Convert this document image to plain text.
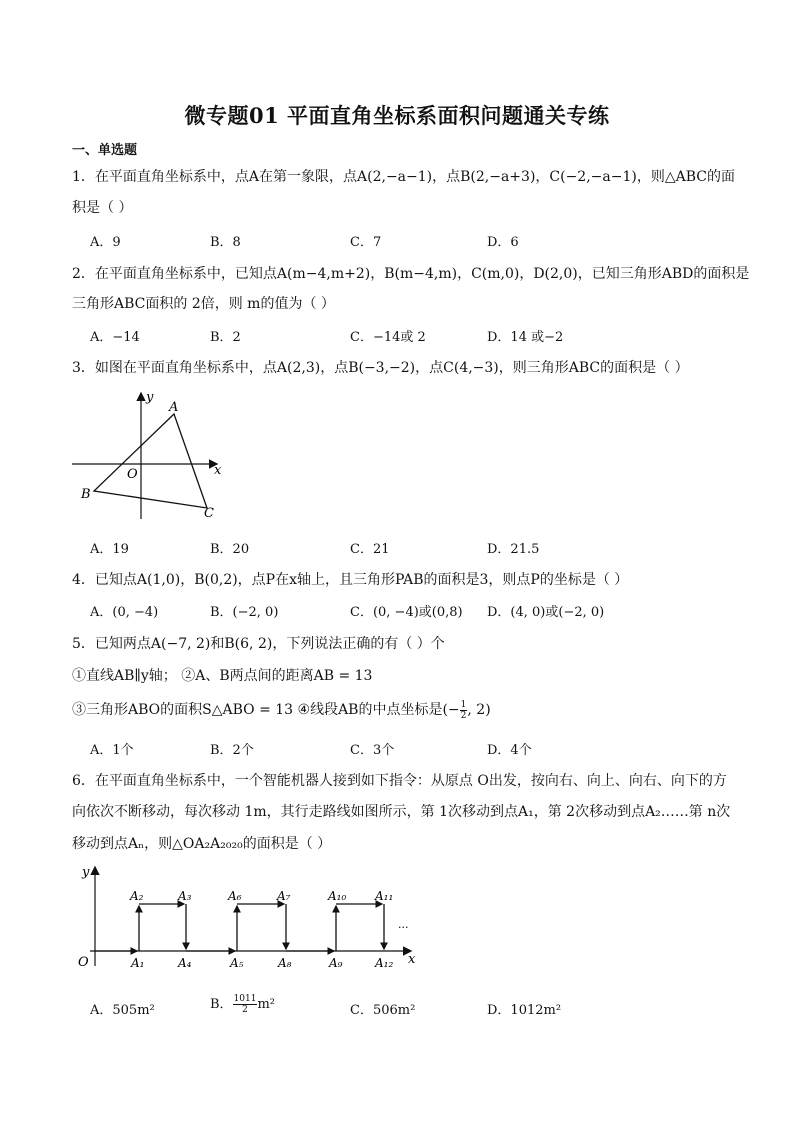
微专题01 平面直角坐标系面积问题通关专练
一、单选题
1．在平面直角坐标系中，点A在第一象限，点A(2,−a−1)，点B(2,−a+3)，C(−2,−a−1)，则△ABC的面
积是（ ）
A．9	B．8	C．7	D．6
2．在平面直角坐标系中，已知点A(m−4,m+2)，B(m−4,m)，C(m,0)，D(2,0)，已知三角形ABD的面积是
三角形ABC面积的 2倍，则 m的值为（ ）
A．−14	B．2	C．−14或 2	D．14 或−2
3．如图在平面直角坐标系中，点A(2,3)，点B(−3,−2)，点C(4,−3)，则三角形ABC的面积是（ ）
y
x
O
A
B
C
A．19	B．20	C．21	D．21.5
4．已知点A(1,0)，B(0,2)，点P在x轴上，且三角形PAB的面积是3，则点P的坐标是（ ）
A．(0, −4)	B．(−2, 0)	C．(0, −4)或(0,8) D．(4, 0)或(−2, 0)
5．已知两点A(−7, 2)和B(6, 2)，下列说法正确的有（ ）个
①直线AB∥y轴； ②A、B两点间的距离AB = 13
③三角形ABO的面积S△ABO = 13 ④线段AB的中点坐标是(− $\frac{1}{2}$ , 2)
A．1个	B．2个	C．3个	D．4个
6．在平面直角坐标系中，一个智能机器人接到如下指令：从原点 O出发，按向右、向上、向右、向下的方
向依次不断移动，每次移动 1m，其行走路线如图所示，第 1次移动到点A₁，第 2次移动到点A₂……第 n次
移动到点Aₙ，则△OA₂A₂₀₂₀的面积是（ ）
y
x
O
...
A₂	A₃	A₆	A₇	A₁₀ A₁₁
A₁	A₄	A₅	A₈	A₉	A₁₂
A．505m²	B． $\frac{1011}{2} m^2$	C．506m²	D．1012m²
